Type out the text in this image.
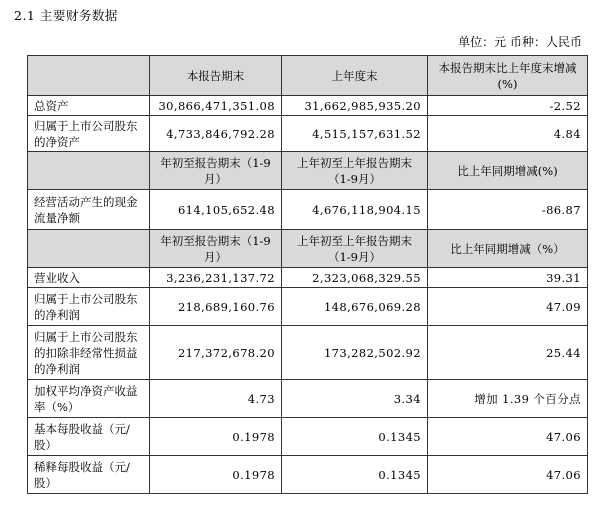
2.1 主要财务数据
单位：元 币种：人民币
	本报告期末	上年度末	本报告期末比上年度末增减(%)
总资产	30,866,471,351.08	31,662,985,935.20	-2.52
归属于上市公司股东的净资产	4,733,846,792.28	4,515,157,631.52	4.84
	年初至报告期末（1-9月）	上年初至上年报告期末（1-9月）	比上年同期增减(%)
经营活动产生的现金流量净额	614,105,652.48	4,676,118,904.15	-86.87
	年初至报告期末（1-9月）	上年初至上年报告期末（1-9月）	比上年同期增减（%）
营业收入	3,236,231,137.72	2,323,068,329.55	39.31
归属于上市公司股东的净利润	218,689,160.76	148,676,069.28	47.09
归属于上市公司股东的扣除非经常性损益的净利润	217,372,678.20	173,282,502.92	25.44
加权平均净资产收益率（%）	4.73	3.34	增加 1.39 个百分点
基本每股收益（元/股）	0.1978	0.1345	47.06
稀释每股收益（元/股）	0.1978	0.1345	47.06
